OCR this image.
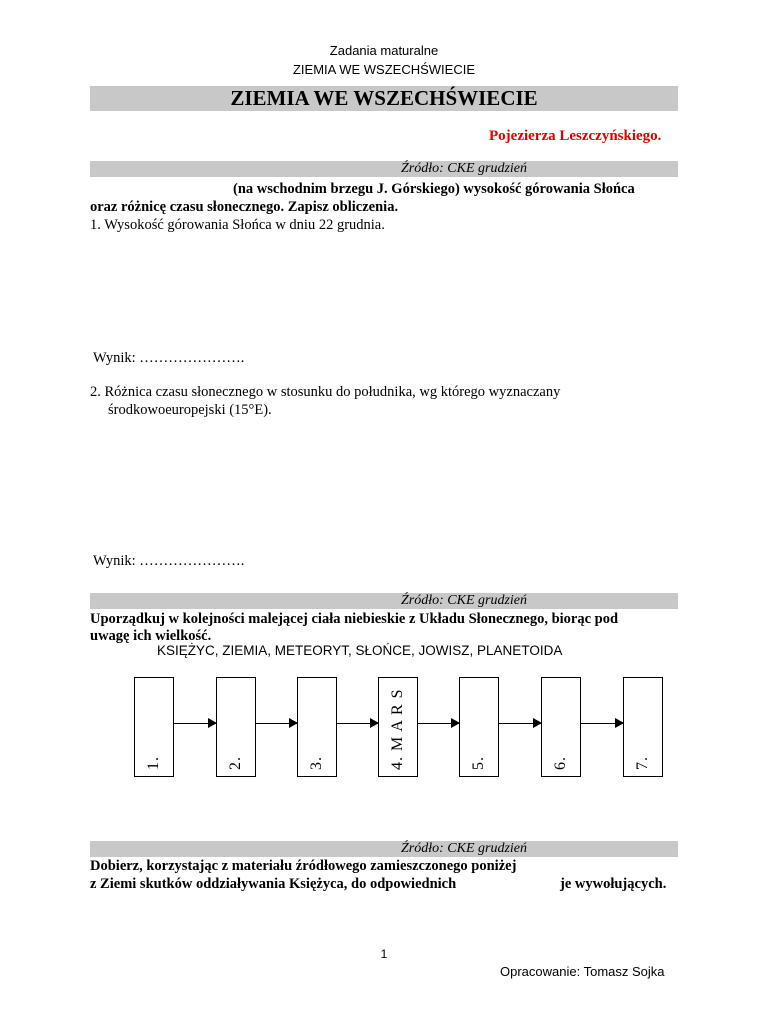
Zadania maturalne
ZIEMIA WE WSZECHŚWIECIE
ZIEMIA WE WSZECHŚWIECIE
Pojezierza Leszczyńskiego.
Źródło: CKE grudzień
(na wschodnim brzegu J. Górskiego) wysokość górowania Słońca
oraz różnicę czasu słonecznego. Zapisz obliczenia.
1. Wysokość górowania Słońca w dniu 22 grudnia.
Wynik: ………………….
2. Różnica czasu słonecznego w stosunku do południka, wg którego wyznaczany
środkowoeuropejski (15°E).
Wynik: ………………….
Źródło: CKE grudzień
Uporządkuj w kolejności malejącej ciała niebieskie z Układu Słonecznego, biorąc pod
uwagę ich wielkość.
KSIĘŻYC, ZIEMIA, METEORYT, SŁOŃCE, JOWISZ, PLANETOIDA
1.	2.	3.	4. M A R S	5.	6.	7.
Źródło: CKE grudzień
Dobierz, korzystając z materiału źródłowego zamieszczonego poniżej
z Ziemi skutków oddziaływania Księżyca, do odpowiednich	je wywołujących.
1
Opracowanie: Tomasz Sojka
